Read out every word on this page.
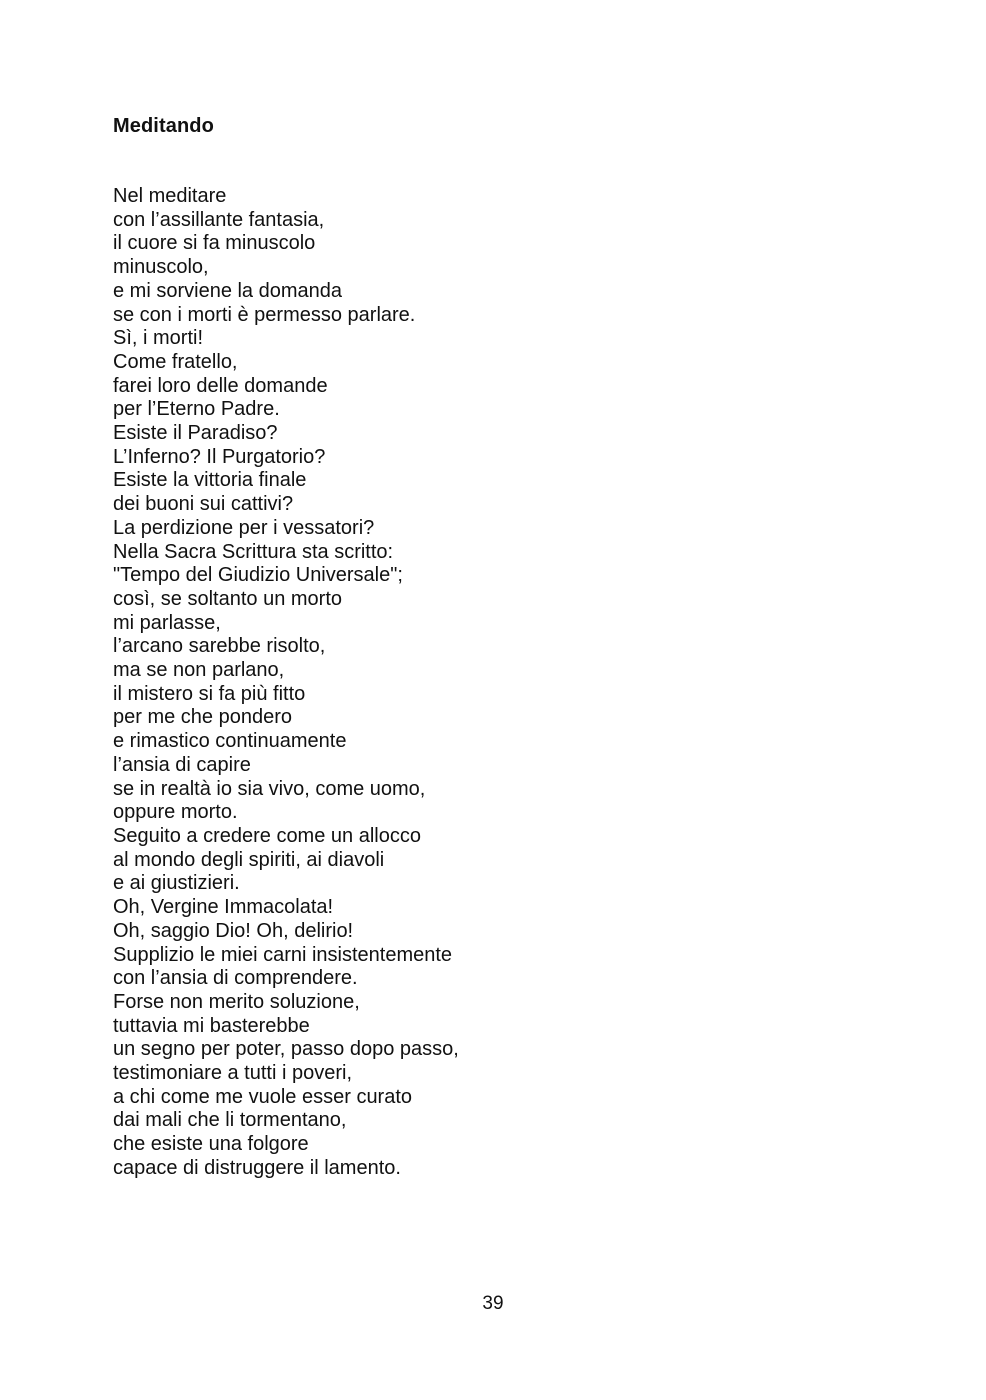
Meditando
Nel meditare
con l’assillante fantasia,
il cuore si fa minuscolo
minuscolo,
e mi sorviene la domanda
se con i morti è permesso parlare.
Sì, i morti!
Come fratello,
farei loro delle domande
per l’Eterno Padre.
Esiste il Paradiso?
L’Inferno? Il Purgatorio?
Esiste la vittoria finale
dei buoni sui cattivi?
La perdizione per i vessatori?
Nella Sacra Scrittura sta scritto:
"Tempo del Giudizio Universale";
così, se soltanto un morto
mi parlasse,
l’arcano sarebbe risolto,
ma se non parlano,
il mistero si fa più fitto
per me che pondero
e rimastico continuamente
l’ansia di capire
se in realtà io sia vivo, come uomo,
oppure morto.
Seguito a credere come un allocco
al mondo degli spiriti, ai diavoli
e ai giustizieri.
Oh, Vergine Immacolata!
Oh, saggio Dio! Oh, delirio!
Supplizio le miei carni insistentemente
con l’ansia di comprendere.
Forse non merito soluzione,
tuttavia mi basterebbe
un segno per poter, passo dopo passo,
testimoniare a tutti i poveri,
a chi come me vuole esser curato
dai mali che li tormentano,
che esiste una folgore
capace di distruggere il lamento.
39
